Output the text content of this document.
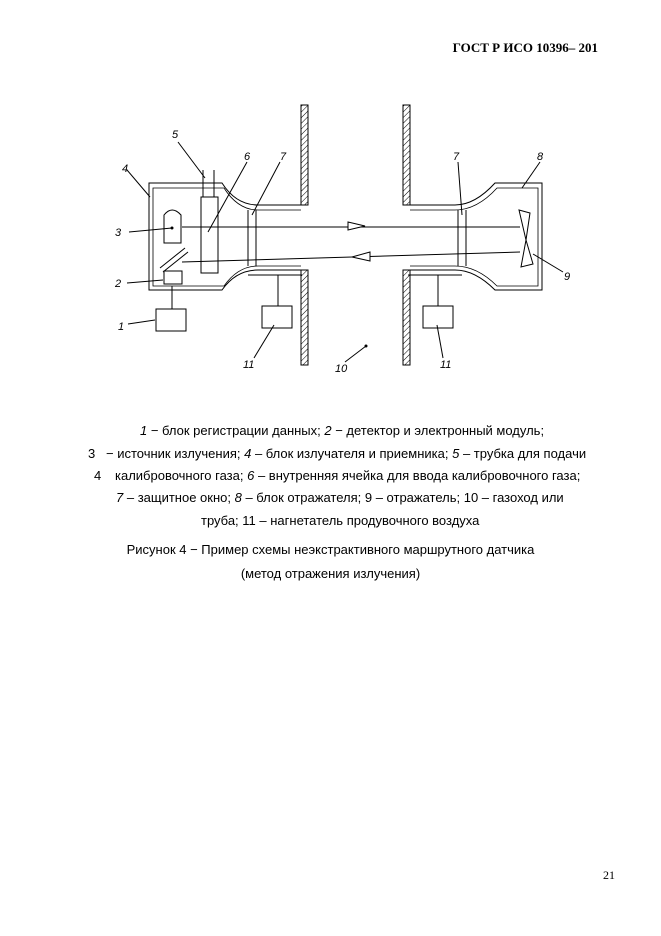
ГОСТ Р ИСО 10396– 201
4
3
2
1
5
6	7	7	8
9
10
11	11
1 − блок регистрации данных; 2 − детектор и электронный модуль;
3 − источник излучения; 4 – блок излучателя и приемника; 5 – трубка для подачи
4 калибровочного газа; 6 – внутренняя ячейка для ввода калибровочного газа;
7 – защитное окно; 8 – блок отражателя; 9 – отражатель; 10 – газоход или
труба; 11 – нагнетатель продувочного воздуха
Рисунок 4 − Пример схемы неэкстрактивного маршрутного датчика
(метод отражения излучения)
21
